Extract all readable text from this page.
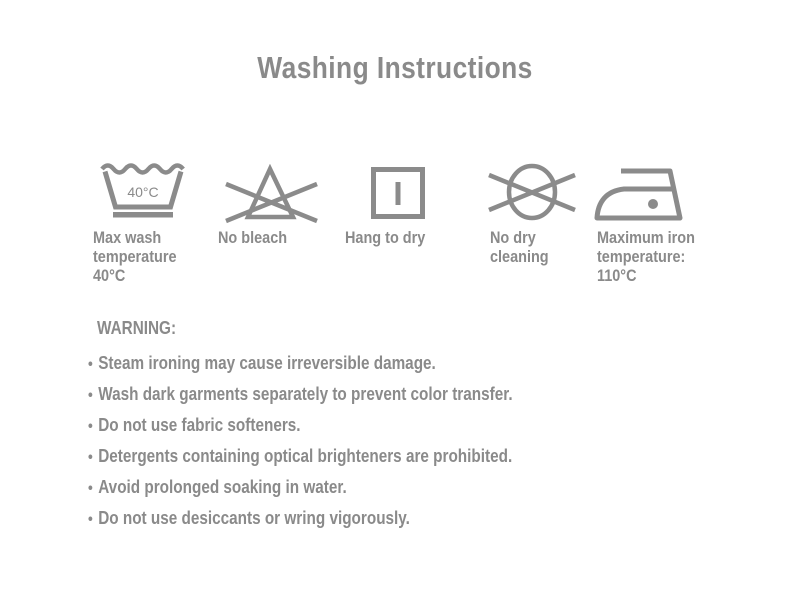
Washing Instructions
40°C
Max wash
temperature
40°C
No bleach	Hang to dry	No dry
cleaning
Maximum iron
temperature:
110°C
WARNING:
• Steam ironing may cause irreversible damage.
• Wash dark garments separately to prevent color transfer.
• Do not use fabric softeners.
• Detergents containing optical brighteners are prohibited.
• Avoid prolonged soaking in water.
• Do not use desiccants or wring vigorously.
